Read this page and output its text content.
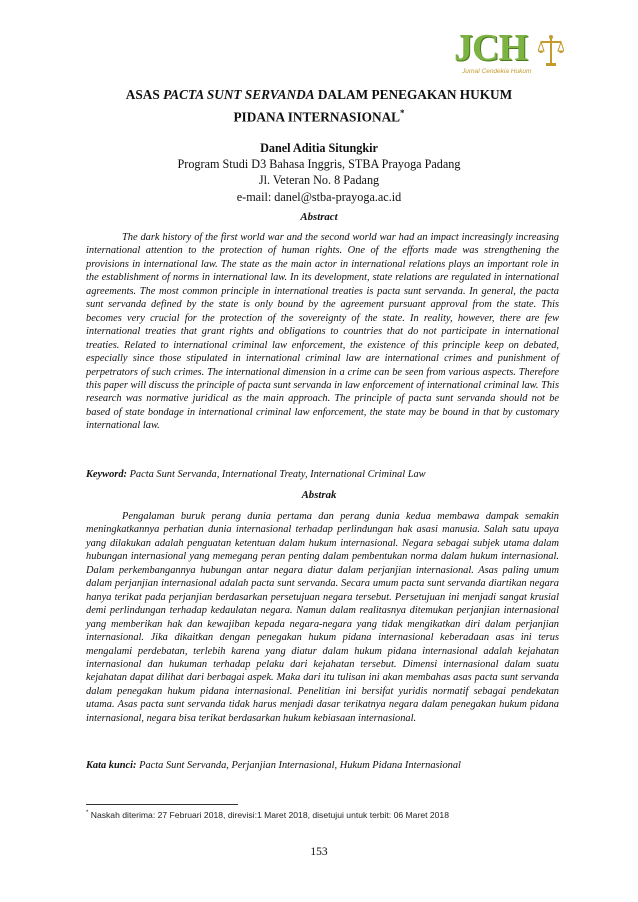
JCH
Jurnal Cendekia Hukum
ASAS PACTA SUNT SERVANDA DALAM PENEGAKAN HUKUM
PIDANA INTERNASIONAL*
Danel Aditia Situngkir
Program Studi D3 Bahasa Inggris, STBA Prayoga Padang
Jl. Veteran No. 8 Padang
e-mail: danel@stba-prayoga.ac.id
Abstract
The dark history of the first world war and the second world war had an impact increasingly increasing international attention to the protection of human rights. One of the efforts made was strengthening the provisions in international law. The state as the main actor in international relations plays an important role in the establishment of norms in international law. In its development, state relations are regulated in international agreements. The most common principle in international treaties is pacta sunt servanda. In general, the pacta sunt servanda defined by the state is only bound by the agreement pursuant approval from the state. This becomes very crucial for the protection of the sovereignty of the state. In reality, however, there are few international treaties that grant rights and obligations to countries that do not participate in international treaties. Related to international criminal law enforcement, the existence of this principle keep on debated, especially since those stipulated in international criminal law are international crimes and punishment of perpetrators of such crimes. The international dimension in a crime can be seen from various aspects. Therefore this paper will discuss the principle of pacta sunt servanda in law enforcement of international criminal law. This research was normative juridical as the main approach. The principle of pacta sunt servanda should not be based of state bondage in international criminal law enforcement, the state may be bound in that by customary international law.
Keyword: Pacta Sunt Servanda, International Treaty, International Criminal Law
Abstrak
Pengalaman buruk perang dunia pertama dan perang dunia kedua membawa dampak semakin meningkatkannya perhatian dunia internasional terhadap perlindungan hak asasi manusia. Salah satu upaya yang dilakukan adalah penguatan ketentuan dalam hukum internasional. Negara sebagai subjek utama dalam hubungan internasional yang memegang peran penting dalam pembentukan norma dalam hukum internasional. Dalam perkembangannya hubungan antar negara diatur dalam perjanjian internasional. Asas paling umum dalam perjanjian internasional adalah pacta sunt servanda. Secara umum pacta sunt servanda diartikan negara hanya terikat pada perjanjian berdasarkan persetujuan negara tersebut. Persetujuan ini menjadi sangat krusial demi perlindungan terhadap kedaulatan negara. Namun dalam realitasnya ditemukan perjanjian internasional yang memberikan hak dan kewajiban kepada negara-negara yang tidak mengikatkan diri dalam perjanjian internasional. Jika dikaitkan dengan penegakan hukum pidana internasional keberadaan asas ini terus mengalami perdebatan, terlebih karena yang diatur dalam hukum pidana internasional adalah kejahatan internasional dan hukuman terhadap pelaku dari kejahatan tersebut. Dimensi internasional dalam suatu kejahatan dapat dilihat dari berbagai aspek. Maka dari itu tulisan ini akan membahas asas pacta sunt servanda dalam penegakan hukum pidana internasional. Penelitian ini bersifat yuridis normatif sebagai pendekatan utama. Asas pacta sunt servanda tidak harus menjadi dasar terikatnya negara dalam penegakan hukum pidana internasional, negara bisa terikat berdasarkan hukum kebiasaan internasional.
Kata kunci: Pacta Sunt Servanda, Perjanjian Internasional, Hukum Pidana Internasional
* Naskah diterima: 27 Februari 2018, direvisi:1 Maret 2018, disetujui untuk terbit: 06 Maret 2018
153
